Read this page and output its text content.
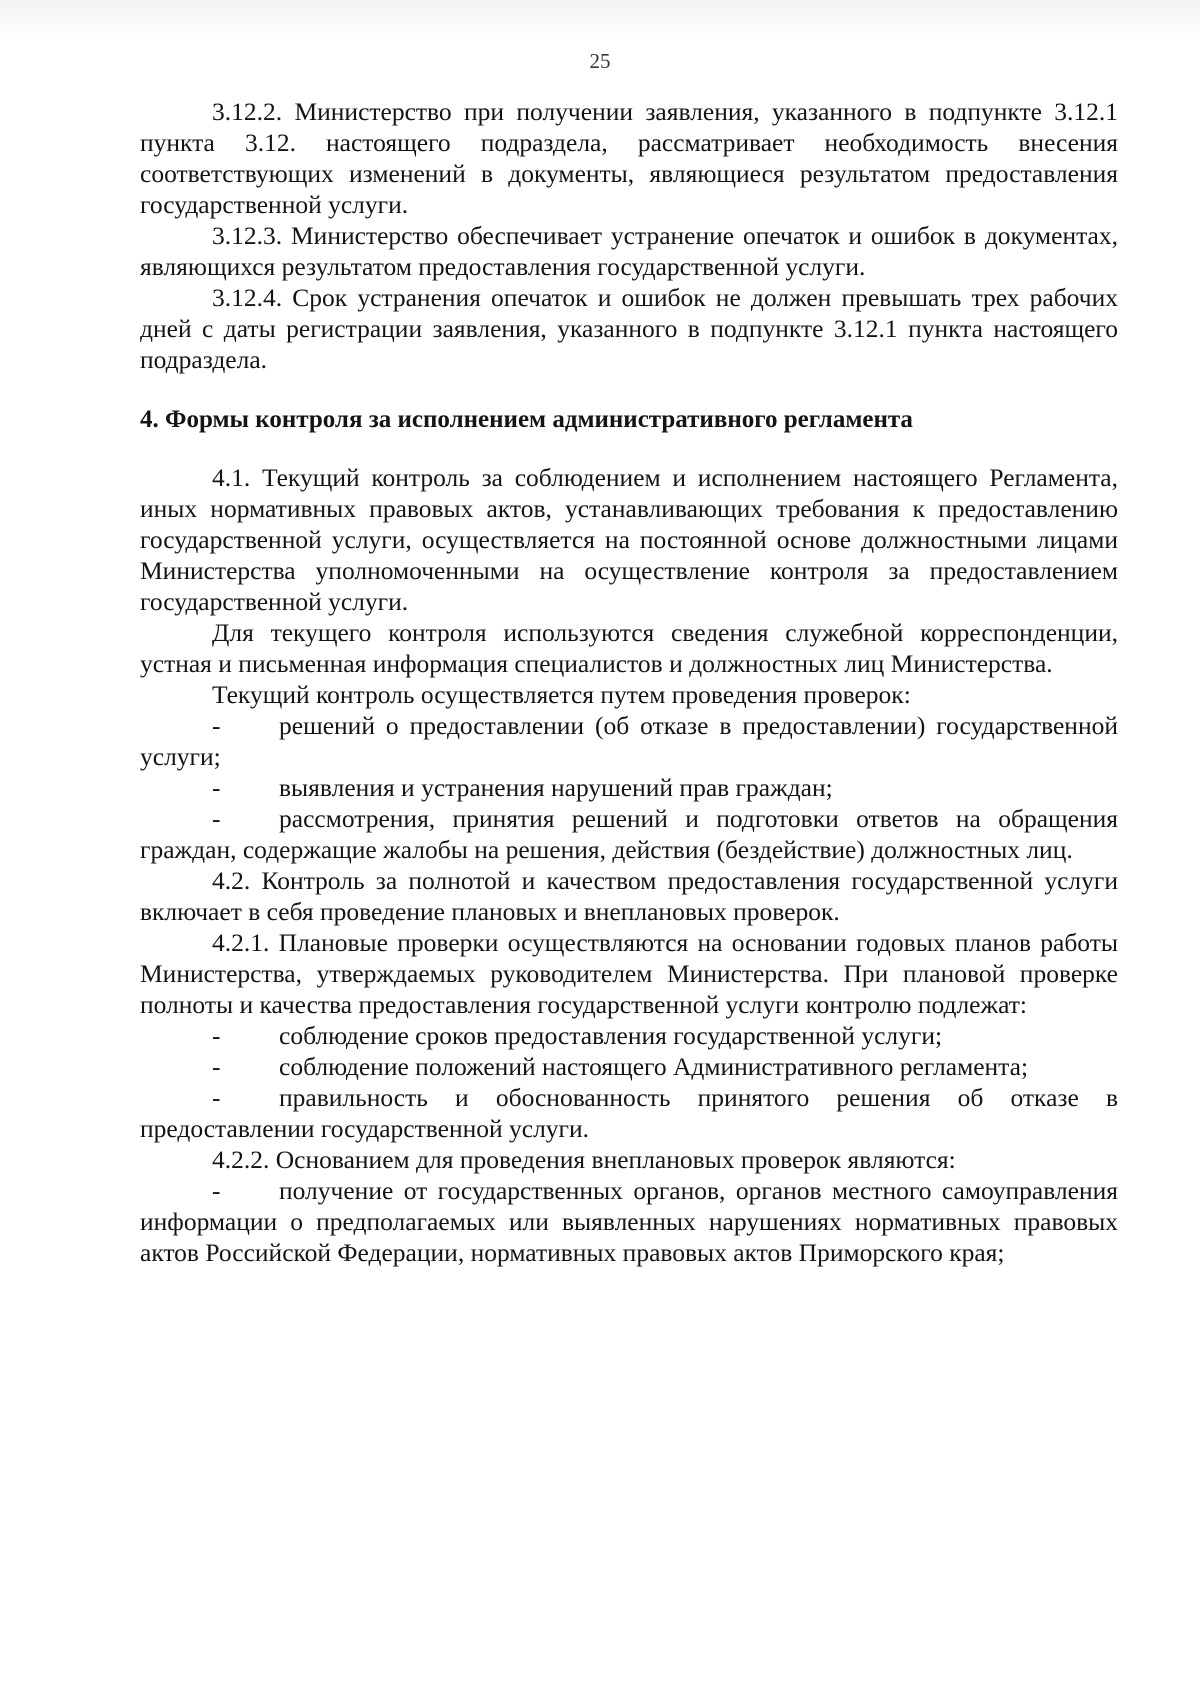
25

3.12.2. Министерство при получении заявления, указанного в подпункте 3.12.1 пункта 3.12. настоящего подраздела, рассматривает необходимость внесения соответствующих изменений в документы, являющиеся результатом предоставления государственной услуги.

3.12.3. Министерство обеспечивает устранение опечаток и ошибок в документах, являющихся результатом предоставления государственной услуги.

3.12.4. Срок устранения опечаток и ошибок не должен превышать трех рабочих дней с даты регистрации заявления, указанного в подпункте 3.12.1 пункта настоящего подраздела.

4. Формы контроля за исполнением административного регламента

4.1. Текущий контроль за соблюдением и исполнением настоящего Регламента, иных нормативных правовых актов, устанавливающих требования к предоставлению государственной услуги, осуществляется на постоянной основе должностными лицами Министерства уполномоченными на осуществление контроля за предоставлением государственной услуги.

Для текущего контроля используются сведения служебной корреспонденции, устная и письменная информация специалистов и должностных лиц Министерства.

Текущий контроль осуществляется путем проведения проверок:

- решений о предоставлении (об отказе в предоставлении) государственной услуги;

- выявления и устранения нарушений прав граждан;

- рассмотрения, принятия решений и подготовки ответов на обращения граждан, содержащие жалобы на решения, действия (бездействие) должностных лиц.

4.2. Контроль за полнотой и качеством предоставления государственной услуги включает в себя проведение плановых и внеплановых проверок.

4.2.1. Плановые проверки осуществляются на основании годовых планов работы Министерства, утверждаемых руководителем Министерства. При плановой проверке полноты и качества предоставления государственной услуги контролю подлежат:

- соблюдение сроков предоставления государственной услуги;

- соблюдение положений настоящего Административного регламента;

- правильность и обоснованность принятого решения об отказе в предоставлении государственной услуги.

4.2.2. Основанием для проведения внеплановых проверок являются:

- получение от государственных органов, органов местного самоуправления информации о предполагаемых или выявленных нарушениях нормативных правовых актов Российской Федерации, нормативных правовых актов Приморского края;
